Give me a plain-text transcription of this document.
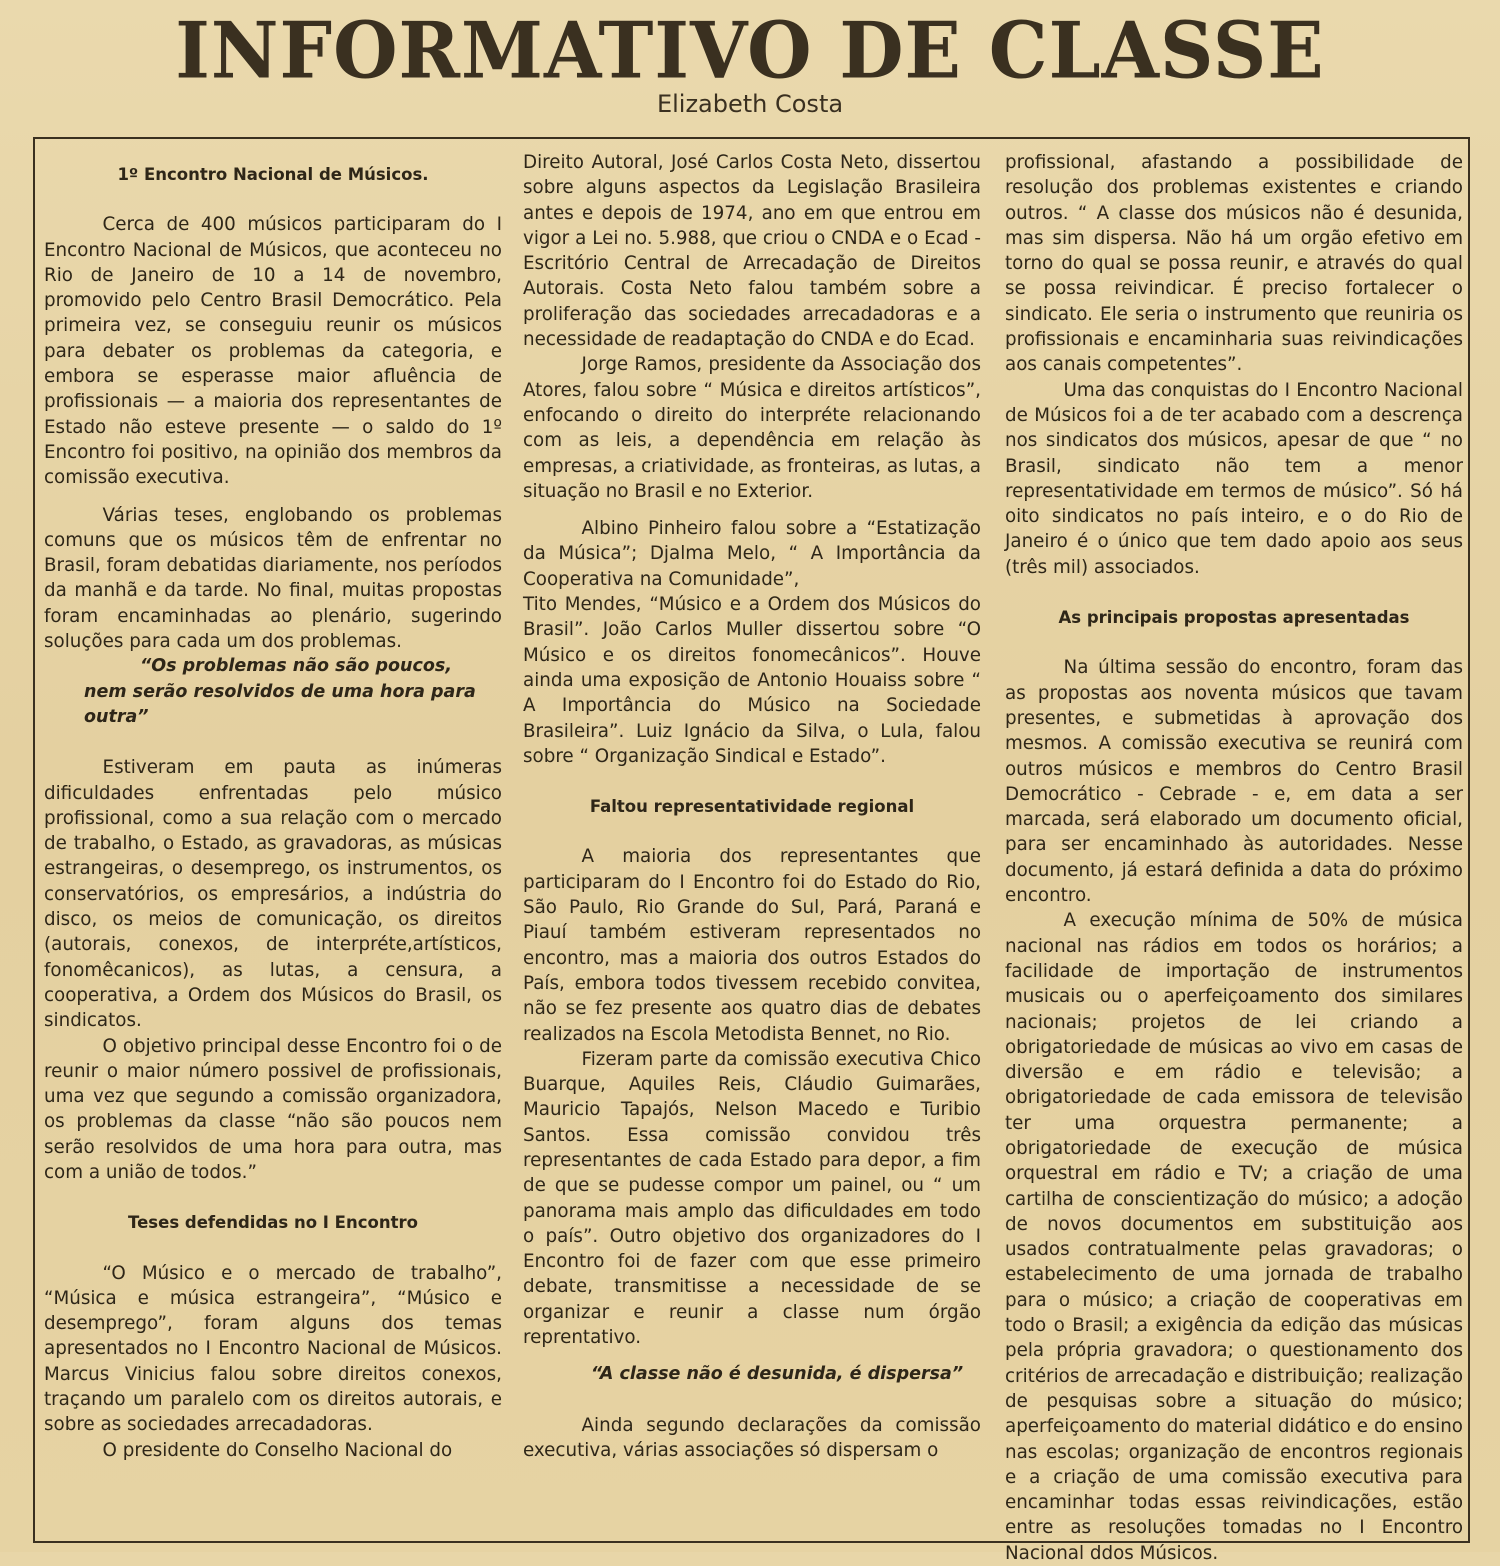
INFORMATIVO DE CLASSE
Elizabeth Costa
1º Encontro Nacional de Músicos.

Cerca de 400 músicos participaram do I Encontro Nacional de Músicos, que aconteceu no Rio de Janeiro de 10 a 14 de novembro, promovido pelo Centro Brasil Democrático. Pela primeira vez, se conseguiu reunir os músicos para debater os problemas da categoria, e embora se esperasse maior afluência de profissionais — a maioria dos representantes de Estado não esteve presente — o saldo do 1º Encontro foi positivo, na opinião dos membros da comissão executiva.

Várias teses, englobando os problemas comuns que os músicos têm de enfrentar no Brasil, foram debatidas diariamente, nos períodos da manhã e da tarde. No final, muitas propostas foram encaminhadas ao plenário, sugerindo soluções para cada um dos problemas.

“Os problemas não são poucos, nem serão resolvidos de uma hora para outra”

Estiveram em pauta as inúmeras dificuldades enfrentadas pelo músico profissional, como a sua relação com o mercado de trabalho, o Estado, as gravadoras, as músicas estrangeiras, o desemprego, os instrumentos, os conservatórios, os empresários, a indústria do disco, os meios de comunicação, os direitos (autorais, conexos, de interpréte,artísticos, fonomêcanicos), as lutas, a censura, a cooperativa, a Ordem dos Músicos do Brasil, os sindicatos.

O objetivo principal desse Encontro foi o de reunir o maior número possivel de profissionais, uma vez que segundo a comissão organizadora, os problemas da classe “não são poucos nem serão resolvidos de uma hora para outra, mas com a união de todos.”

Teses defendidas no I Encontro

“O Músico e o mercado de trabalho”, “Música e música estrangeira”, “Músico e desemprego”, foram alguns dos temas apresentados no I Encontro Nacional de Músicos. Marcus Vinicius falou sobre direitos conexos, traçando um paralelo com os direitos autorais, e sobre as sociedades arrecadadoras.

O presidente do Conselho Nacional do

Direito Autoral, José Carlos Costa Neto, dissertou sobre alguns aspectos da Legislação Brasileira antes e depois de 1974, ano em que entrou em vigor a Lei no. 5.988, que criou o CNDA e o Ecad - Escritório Central de Arrecadação de Direitos Autorais. Costa Neto falou também sobre a proliferação das sociedades arrecadadoras e a necessidade de readaptação do CNDA e do Ecad.

Jorge Ramos, presidente da Associação dos Atores, falou sobre “ Música e direitos artísticos”, enfocando o direito do interpréte relacionando com as leis, a dependência em relação às empresas, a criatividade, as fronteiras, as lutas, a situação no Brasil e no Exterior.

Albino Pinheiro falou sobre a “Estatização da Música”; Djalma Melo, “ A Importância da Cooperativa na Comunidade”,

Tito Mendes, “Músico e a Ordem dos Músicos do Brasil”. João Carlos Muller dissertou sobre “O Músico e os direitos fonomecânicos”. Houve ainda uma exposição de Antonio Houaiss sobre “ A Importância do Músico na Sociedade Brasileira”. Luiz Ignácio da Silva, o Lula, falou sobre “ Organização Sindical e Estado”.

Faltou representatividade regional

A maioria dos representantes que participaram do I Encontro foi do Estado do Rio, São Paulo, Rio Grande do Sul, Pará, Paraná e Piauí também estiveram representados no encontro, mas a maioria dos outros Estados do País, embora todos tivessem recebido convitea, não se fez presente aos quatro dias de debates realizados na Escola Metodista Bennet, no Rio.

Fizeram parte da comissão executiva Chico Buarque, Aquiles Reis, Cláudio Guimarães, Mauricio Tapajós, Nelson Macedo e Turibio Santos. Essa comissão convidou três representantes de cada Estado para depor, a fim de que se pudesse compor um painel, ou “ um panorama mais amplo das dificuldades em todo o país”. Outro objetivo dos organizadores do I Encontro foi de fazer com que esse primeiro debate, transmitisse a necessidade de se organizar e reunir a classe num órgão reprentativo.

“A classe não é desunida, é dispersa”

Ainda segundo declarações da comissão executiva, várias associações só dispersam o

profissional, afastando a possibilidade de resolução dos problemas existentes e criando outros. “ A classe dos músicos não é desunida, mas sim dispersa. Não há um orgão efetivo em torno do qual se possa reunir, e através do qual se possa reivindicar. É preciso fortalecer o sindicato. Ele seria o instrumento que reuniria os profissionais e encaminharia suas reivindicações aos canais competentes”.

Uma das conquistas do I Encontro Nacional de Músicos foi a de ter acabado com a descrença nos sindicatos dos músicos, apesar de que “ no Brasil, sindicato não tem a menor representatividade em termos de músico”. Só há oito sindicatos no país inteiro, e o do Rio de Janeiro é o único que tem dado apoio aos seus (três mil) associados.

As principais propostas apresentadas

Na última sessão do encontro, foram das as propostas aos noventa músicos que tavam presentes, e submetidas à aprovação dos mesmos. A comissão executiva se reunirá com outros músicos e membros do Centro Brasil Democrático - Cebrade - e, em data a ser marcada, será elaborado um documento oficial, para ser encaminhado às autoridades. Nesse documento, já estará definida a data do próximo encontro.

A execução mínima de 50% de música nacional nas rádios em todos os horários; a facilidade de importação de instrumentos musicais ou o aperfeiçoamento dos similares nacionais; projetos de lei criando a obrigatoriedade de músicas ao vivo em casas de diversão e em rádio e televisão; a obrigatoriedade de cada emissora de televisão ter uma orquestra permanente; a obrigatoriedade de execução de música orquestral em rádio e TV; a criação de uma cartilha de conscientização do músico; a adoção de novos documentos em substituição aos usados contratualmente pelas gravadoras; o estabelecimento de uma jornada de trabalho para o músico; a criação de cooperativas em todo o Brasil; a exigência da edição das músicas pela própria gravadora; o questionamento dos critérios de arrecadação e distribuição; realização de pesquisas sobre a situação do músico; aperfeiçoamento do material didático e do ensino nas escolas; organização de encontros regionais e a criação de uma comissão executiva para encaminhar todas essas reivindicações, estão entre as resoluções tomadas no I Encontro Nacional ddos Músicos.
